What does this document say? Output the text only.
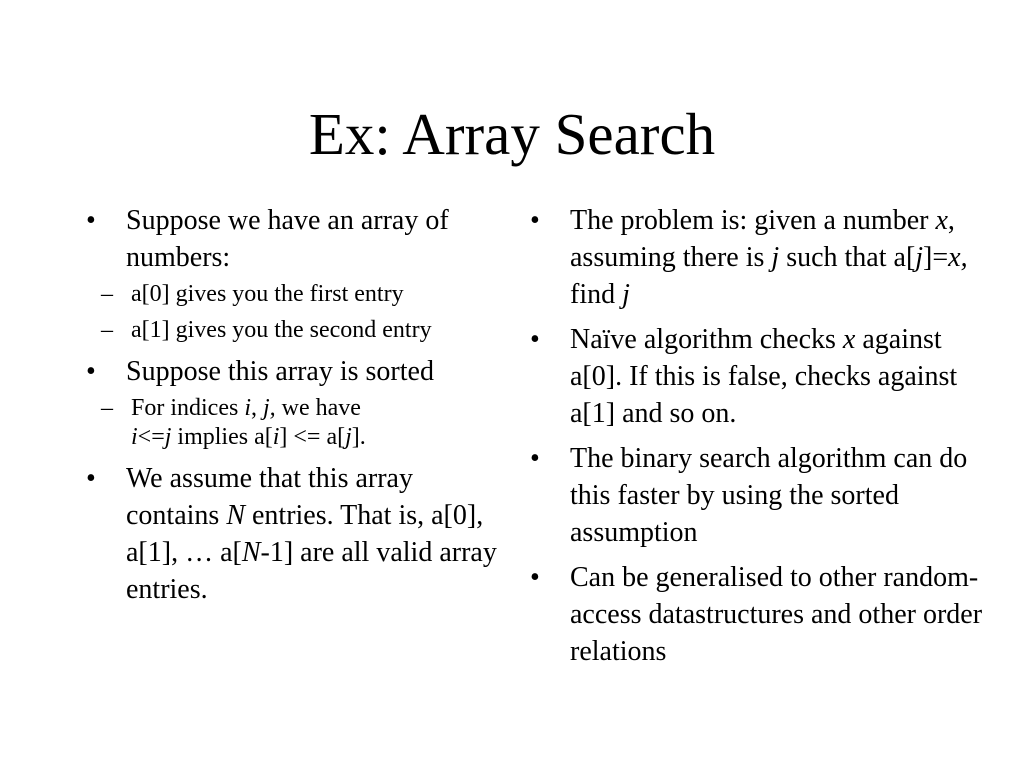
Ex: Array Search
• Suppose we have an array of numbers:
– a[0] gives you the first entry
– a[1] gives you the second entry
• Suppose this array is sorted
– For indices i, j, we have
i<=j implies a[i] <= a[j].
• We assume that this array contains N entries. That is, a[0], a[1], … a[N-1] are all valid array entries.
• The problem is: given a number x, assuming there is j such that a[j]=x, find j
• Naïve algorithm checks x against a[0]. If this is false, checks against a[1] and so on.
• The binary search algorithm can do this faster by using the sorted assumption
• Can be generalised to other random-access datastructures and other order relations
